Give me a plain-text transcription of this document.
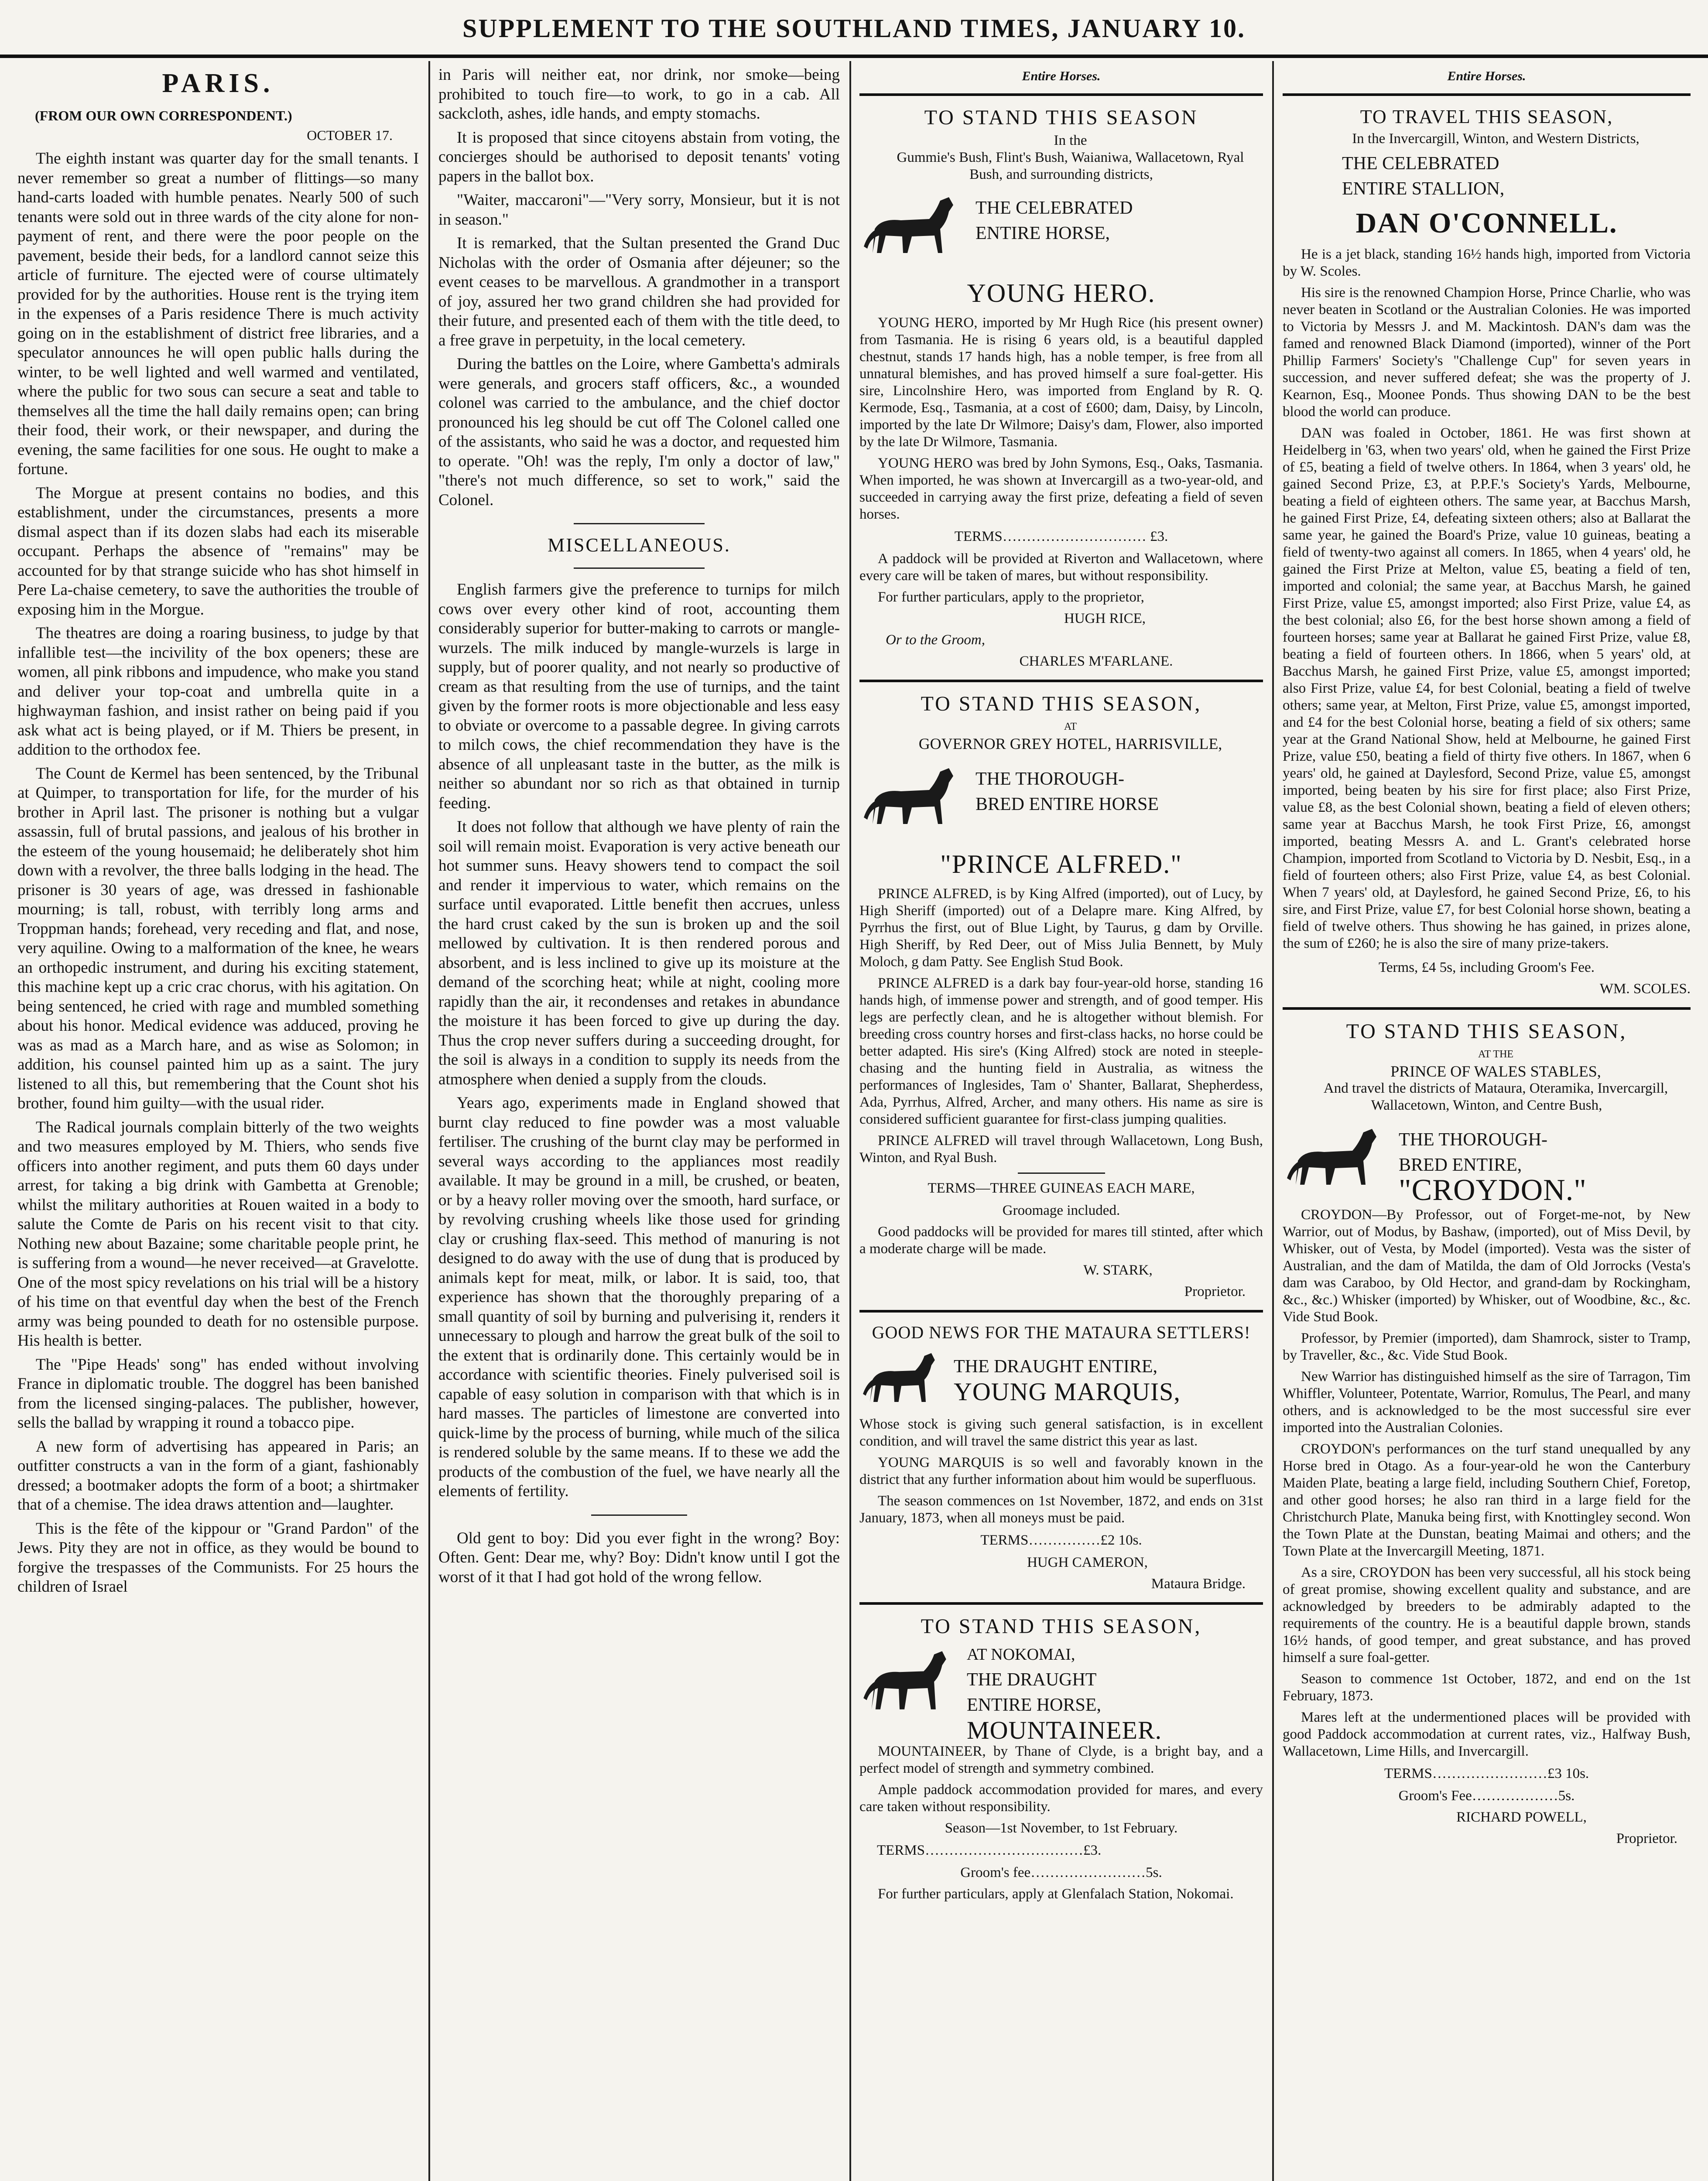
SUPPLEMENT TO THE SOUTHLAND TIMES, JANUARY 10.
PARIS.

(FROM OUR OWN CORRESPONDENT.)

OCTOBER 17.

The eighth instant was quarter day for the small tenants. I never remember so great a number of flittings—so many hand-carts loaded with humble penates. Nearly 500 of such tenants were sold out in three wards of the city alone for non-payment of rent, and there were the poor people on the pavement, beside their beds, for a landlord cannot seize this article of furniture. The ejected were of course ultimately provided for by the authorities. House rent is the trying item in the expenses of a Paris residence There is much activity going on in the establishment of district free libraries, and a speculator announces he will open public halls during the winter, to be well lighted and well warmed and ventilated, where the public for two sous can secure a seat and table to themselves all the time the hall daily remains open; can bring their food, their work, or their newspaper, and during the evening, the same facilities for one sous. He ought to make a fortune.

The Morgue at present contains no bodies, and this establishment, under the circumstances, presents a more dismal aspect than if its dozen slabs had each its miserable occupant. Perhaps the absence of "remains" may be accounted for by that strange suicide who has shot himself in Pere La-chaise cemetery, to save the authorities the trouble of exposing him in the Morgue.

The theatres are doing a roaring business, to judge by that infallible test—the incivility of the box openers; these are women, all pink ribbons and impudence, who make you stand and deliver your top-coat and umbrella quite in a highwayman fashion, and insist rather on being paid if you ask what act is being played, or if M. Thiers be present, in addition to the orthodox fee.

The Count de Kermel has been sentenced, by the Tribunal at Quimper, to transportation for life, for the murder of his brother in April last. The prisoner is nothing but a vulgar assassin, full of brutal passions, and jealous of his brother in the esteem of the young housemaid; he deliberately shot him down with a revolver, the three balls lodging in the head. The prisoner is 30 years of age, was dressed in fashionable mourning; is tall, robust, with terribly long arms and Troppman hands; forehead, very receding and flat, and nose, very aquiline. Owing to a malformation of the knee, he wears an orthopedic instrument, and during his exciting statement, this machine kept up a cric crac chorus, with his agitation. On being sentenced, he cried with rage and mumbled something about his honor. Medical evidence was adduced, proving he was as mad as a March hare, and as wise as Solomon; in addition, his counsel painted him up as a saint. The jury listened to all this, but remembering that the Count shot his brother, found him guilty—with the usual rider.

The Radical journals complain bitterly of the two weights and two measures employed by M. Thiers, who sends five officers into another regiment, and puts them 60 days under arrest, for taking a big drink with Gambetta at Grenoble; whilst the military authorities at Rouen waited in a body to salute the Comte de Paris on his recent visit to that city. Nothing new about Bazaine; some charitable people print, he is suffering from a wound—he never received—at Gravelotte. One of the most spicy revelations on his trial will be a history of his time on that eventful day when the best of the French army was being pounded to death for no ostensible purpose. His health is better.

The "Pipe Heads' song" has ended without involving France in diplomatic trouble. The doggrel has been banished from the licensed singing-palaces. The publisher, however, sells the ballad by wrapping it round a tobacco pipe.

A new form of advertising has appeared in Paris; an outfitter constructs a van in the form of a giant, fashionably dressed; a bootmaker adopts the form of a boot; a shirtmaker that of a chemise. The idea draws attention and—laughter.

This is the fête of the kippour or "Grand Pardon" of the Jews. Pity they are not in office, as they would be bound to forgive the trespasses of the Communists. For 25 hours the children of Israel

in Paris will neither eat, nor drink, nor smoke—being prohibited to touch fire—to work, to go in a cab. All sackcloth, ashes, idle hands, and empty stomachs.

It is proposed that since citoyens abstain from voting, the concierges should be authorised to deposit tenants' voting papers in the ballot box.

"Waiter, maccaroni"—"Very sorry, Monsieur, but it is not in season."

It is remarked, that the Sultan presented the Grand Duc Nicholas with the order of Osmania after déjeuner; so the event ceases to be marvellous. A grandmother in a transport of joy, assured her two grand children she had provided for their future, and presented each of them with the title deed, to a free grave in perpetuity, in the local cemetery.

During the battles on the Loire, where Gambetta's admirals were generals, and grocers staff officers, &c., a wounded colonel was carried to the ambulance, and the chief doctor pronounced his leg should be cut off The Colonel called one of the assistants, who said he was a doctor, and requested him to operate. "Oh! was the reply, I'm only a doctor of law," "there's not much difference, so set to work," said the Colonel.

MISCELLANEOUS.

English farmers give the preference to turnips for milch cows over every other kind of root, accounting them considerably superior for butter-making to carrots or mangle-wurzels. The milk induced by mangle-wurzels is large in supply, but of poorer quality, and not nearly so productive of cream as that resulting from the use of turnips, and the taint given by the former roots is more objectionable and less easy to obviate or overcome to a passable degree. In giving carrots to milch cows, the chief recommendation they have is the absence of all unpleasant taste in the butter, as the milk is neither so abundant nor so rich as that obtained in turnip feeding.

It does not follow that although we have plenty of rain the soil will remain moist. Evaporation is very active beneath our hot summer suns. Heavy showers tend to compact the soil and render it impervious to water, which remains on the surface until evaporated. Little benefit then accrues, unless the hard crust caked by the sun is broken up and the soil mellowed by cultivation. It is then rendered porous and absorbent, and is less inclined to give up its moisture at the demand of the scorching heat; while at night, cooling more rapidly than the air, it recondenses and retakes in abundance the moisture it has been forced to give up during the day. Thus the crop never suffers during a succeeding drought, for the soil is always in a condition to supply its needs from the atmosphere when denied a supply from the clouds.

Years ago, experiments made in England showed that burnt clay reduced to fine powder was a most valuable fertiliser. The crushing of the burnt clay may be performed in several ways according to the appliances most readily available. It may be ground in a mill, be crushed, or beaten, or by a heavy roller moving over the smooth, hard surface, or by revolving crushing wheels like those used for grinding clay or crushing flax-seed. This method of manuring is not designed to do away with the use of dung that is produced by animals kept for meat, milk, or labor. It is said, too, that experience has shown that the thoroughly preparing of a small quantity of soil by burning and pulverising it, renders it unnecessary to plough and harrow the great bulk of the soil to the extent that is ordinarily done. This certainly would be in accordance with scientific theories. Finely pulverised soil is capable of easy solution in comparison with that which is in hard masses. The particles of limestone are converted into quick-lime by the process of burning, while much of the silica is rendered soluble by the same means. If to these we add the products of the combustion of the fuel, we have nearly all the elements of fertility.

Old gent to boy: Did you ever fight in the wrong? Boy: Often. Gent: Dear me, why? Boy: Didn't know until I got the worst of it that I had got hold of the wrong fellow.

Entire Horses.
TO STAND THIS SEASON

In the

Gummie's Bush, Flint's Bush, Waianiwa, Wallacetown, Ryal Bush, and surrounding districts,

THE CELEBRATED
ENTIRE HORSE,
YOUNG HERO.

YOUNG HERO, imported by Mr Hugh Rice (his present owner) from Tasmania. He is rising 6 years old, is a beautiful dappled chestnut, stands 17 hands high, has a noble temper, is free from all unnatural blemishes, and has proved himself a sure foal-getter. His sire, Lincolnshire Hero, was imported from England by R. Q. Kermode, Esq., Tasmania, at a cost of £600; dam, Daisy, by Lincoln, imported by the late Dr Wilmore; Daisy's dam, Flower, also imported by the late Dr Wilmore, Tasmania.

YOUNG HERO was bred by John Symons, Esq., Oaks, Tasmania. When imported, he was shown at Invercargill as a two-year-old, and succeeded in carrying away the first prize, defeating a field of seven horses.

TERMS………………………… £3.

A paddock will be provided at Riverton and Wallacetown, where every care will be taken of mares, but without responsibility.

For further particulars, apply to the proprietor,

HUGH RICE,

Or to the Groom,

CHARLES M'FARLANE.

TO STAND THIS SEASON,

AT

GOVERNOR GREY HOTEL, HARRISVILLE,

THE THOROUGH-
BRED ENTIRE HORSE
"PRINCE ALFRED."

PRINCE ALFRED, is by King Alfred (imported), out of Lucy, by High Sheriff (imported) out of a Delapre mare. King Alfred, by Pyrrhus the first, out of Blue Light, by Taurus, g dam by Orville. High Sheriff, by Red Deer, out of Miss Julia Bennett, by Muly Moloch, g dam Patty. See English Stud Book.

PRINCE ALFRED is a dark bay four-year-old horse, standing 16 hands high, of immense power and strength, and of good temper. His legs are perfectly clean, and he is altogether without blemish. For breeding cross country horses and first-class hacks, no horse could be better adapted. His sire's (King Alfred) stock are noted in steeple-chasing and the hunting field in Australia, as witness the performances of Inglesides, Tam o' Shanter, Ballarat, Shepherdess, Ada, Pyrrhus, Alfred, Archer, and many others. His name as sire is considered sufficient guarantee for first-class jumping qualities.

PRINCE ALFRED will travel through Wallacetown, Long Bush, Winton, and Ryal Bush.

TERMS—THREE GUINEAS EACH MARE,

Groomage included.

Good paddocks will be provided for mares till stinted, after which a moderate charge will be made.

W. STARK,

Proprietor.

GOOD NEWS FOR THE MATAURA SETTLERS!
THE DRAUGHT ENTIRE,
YOUNG MARQUIS,

Whose stock is giving such general satisfaction, is in excellent condition, and will travel the same district this year as last.

YOUNG MARQUIS is so well and favorably known in the district that any further information about him would be superfluous.

The season commences on 1st November, 1872, and ends on 31st January, 1873, when all moneys must be paid.

TERMS……………£2 10s.

HUGH CAMERON,

Mataura Bridge.

TO STAND THIS SEASON,
AT NOKOMAI,
THE DRAUGHT
ENTIRE HORSE,
MOUNTAINEER.

MOUNTAINEER, by Thane of Clyde, is a bright bay, and a perfect model of strength and symmetry combined.

Ample paddock accommodation provided for mares, and every care taken without responsibility.

Season—1st November, to 1st February.

TERMS……………………………£3.

Groom's fee……………………5s.

For further particulars, apply at Glenfalach Station, Nokomai.

Entire Horses.
TO TRAVEL THIS SEASON,

In the Invercargill, Winton, and Western Districts,

THE CELEBRATED
ENTIRE STALLION,
DAN O'CONNELL.

He is a jet black, standing 16½ hands high, imported from Victoria by W. Scoles.

His sire is the renowned Champion Horse, Prince Charlie, who was never beaten in Scotland or the Australian Colonies. He was imported to Victoria by Messrs J. and M. Mackintosh. DAN's dam was the famed and renowned Black Diamond (imported), winner of the Port Phillip Farmers' Society's "Challenge Cup" for seven years in succession, and never suffered defeat; she was the property of J. Kearnon, Esq., Moonee Ponds. Thus showing DAN to be the best blood the world can produce.

DAN was foaled in October, 1861. He was first shown at Heidelberg in '63, when two years' old, when he gained the First Prize of £5, beating a field of twelve others. In 1864, when 3 years' old, he gained Second Prize, £3, at P.P.F.'s Society's Yards, Melbourne, beating a field of eighteen others. The same year, at Bacchus Marsh, he gained First Prize, £4, defeating sixteen others; also at Ballarat the same year, he gained the Board's Prize, value 10 guineas, beating a field of twenty-two against all comers. In 1865, when 4 years' old, he gained the First Prize at Melton, value £5, beating a field of ten, imported and colonial; the same year, at Bacchus Marsh, he gained First Prize, value £5, amongst imported; also First Prize, value £4, as the best colonial; also £6, for the best horse shown among a field of fourteen horses; same year at Ballarat he gained First Prize, value £8, beating a field of fourteen others. In 1866, when 5 years' old, at Bacchus Marsh, he gained First Prize, value £5, amongst imported; also First Prize, value £4, for best Colonial, beating a field of twelve others; same year, at Melton, First Prize, value £5, amongst imported, and £4 for the best Colonial horse, beating a field of six others; same year at the Grand National Show, held at Melbourne, he gained First Prize, value £50, beating a field of thirty five others. In 1867, when 6 years' old, he gained at Daylesford, Second Prize, value £5, amongst imported, being beaten by his sire for first place; also First Prize, value £8, as the best Colonial shown, beating a field of eleven others; same year at Bacchus Marsh, he took First Prize, £6, amongst imported, beating Messrs A. and L. Grant's celebrated horse Champion, imported from Scotland to Victoria by D. Nesbit, Esq., in a field of fourteen others; also First Prize, value £4, as best Colonial. When 7 years' old, at Daylesford, he gained Second Prize, £6, to his sire, and First Prize, value £7, for best Colonial horse shown, beating a field of twelve others. Thus showing he has gained, in prizes alone, the sum of £260; he is also the sire of many prize-takers.

Terms, £4 5s, including Groom's Fee.

WM. SCOLES.

TO STAND THIS SEASON,

AT THE

PRINCE OF WALES STABLES,

And travel the districts of Mataura, Oteramika, Invercargill, Wallacetown, Winton, and Centre Bush,

THE THOROUGH-
BRED ENTIRE,
"CROYDON."

CROYDON—By Professor, out of Forget-me-not, by New Warrior, out of Modus, by Bashaw, (imported), out of Miss Devil, by Whisker, out of Vesta, by Model (imported). Vesta was the sister of Australian, and the dam of Matilda, the dam of Old Jorrocks (Vesta's dam was Caraboo, by Old Hector, and grand-dam by Rockingham, &c., &c.) Whisker (imported) by Whisker, out of Woodbine, &c., &c. Vide Stud Book.

Professor, by Premier (imported), dam Shamrock, sister to Tramp, by Traveller, &c., &c. Vide Stud Book.

New Warrior has distinguished himself as the sire of Tarragon, Tim Whiffler, Volunteer, Potentate, Warrior, Romulus, The Pearl, and many others, and is acknowledged to be the most successful sire ever imported into the Australian Colonies.

CROYDON's performances on the turf stand unequalled by any Horse bred in Otago. As a four-year-old he won the Canterbury Maiden Plate, beating a large field, including Southern Chief, Foretop, and other good horses; he also ran third in a large field for the Christchurch Plate, Manuka being first, with Knottingley second. Won the Town Plate at the Dunstan, beating Maimai and others; and the Town Plate at the Invercargill Meeting, 1871.

As a sire, CROYDON has been very successful, all his stock being of great promise, showing excellent quality and substance, and are acknowledged by breeders to be admirably adapted to the requirements of the country. He is a beautiful dapple brown, stands 16½ hands, of good temper, and great substance, and has proved himself a sure foal-getter.

Season to commence 1st October, 1872, and end on the 1st February, 1873.

Mares left at the undermentioned places will be provided with good Paddock accommodation at current rates, viz., Halfway Bush, Wallacetown, Lime Hills, and Invercargill.

TERMS……………………£3 10s.

Groom's Fee………………5s.

RICHARD POWELL,

Proprietor.
